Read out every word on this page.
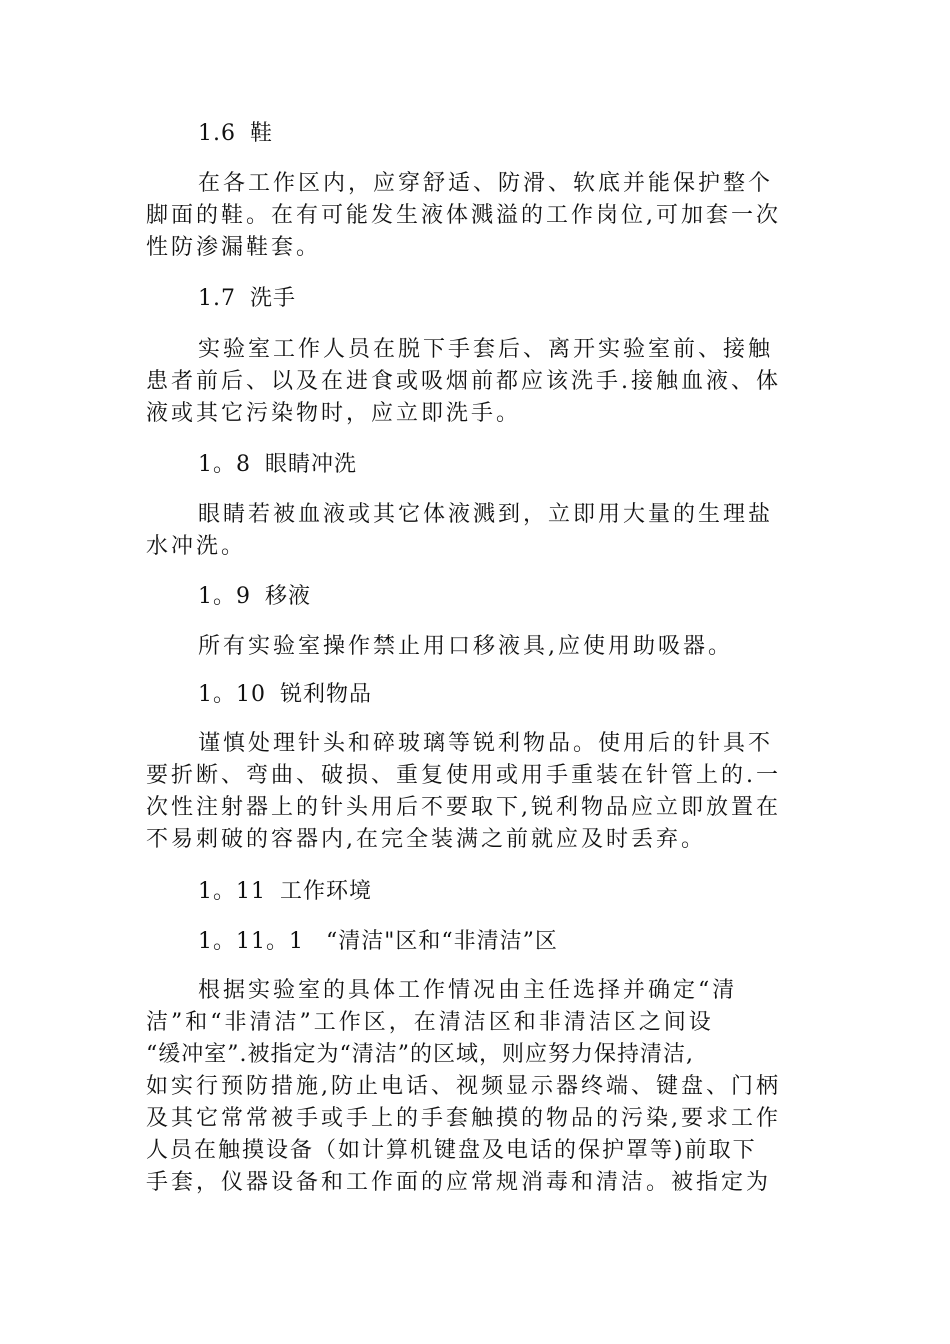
1.6 鞋
在各工作区内，应穿舒适、防滑、软底并能保护整个
脚面的鞋。在有可能发生液体溅溢的工作岗位,可加套一次
性防渗漏鞋套。
1.7 洗手
实验室工作人员在脱下手套后、离开实验室前、接触
患者前后、以及在进食或吸烟前都应该洗手.接触血液、体
液或其它污染物时，应立即洗手。
1。8 眼睛冲洗
眼睛若被血液或其它体液溅到，立即用大量的生理盐
水冲洗。
1。9 移液
所有实验室操作禁止用口移液具,应使用助吸器。
1。10 锐利物品
谨慎处理针头和碎玻璃等锐利物品。使用后的针具不
要折断、弯曲、破损、重复使用或用手重装在针管上的.一
次性注射器上的针头用后不要取下,锐利物品应立即放置在
不易刺破的容器内,在完全装满之前就应及时丢弃。
1。11 工作环境
1。11。1 “清洁"区和“非清洁”区
根据实验室的具体工作情况由主任选择并确定“清
洁”和“非清洁”工作区，在清洁区和非清洁区之间设
“缓冲室”.被指定为“清洁”的区域，则应努力保持清洁,
如实行预防措施,防止电话、视频显示器终端、键盘、门柄
及其它常常被手或手上的手套触摸的物品的污染,要求工作
人员在触摸设备（如计算机键盘及电话的保护罩等)前取下
手套，仪器设备和工作面的应常规消毒和清洁。被指定为
